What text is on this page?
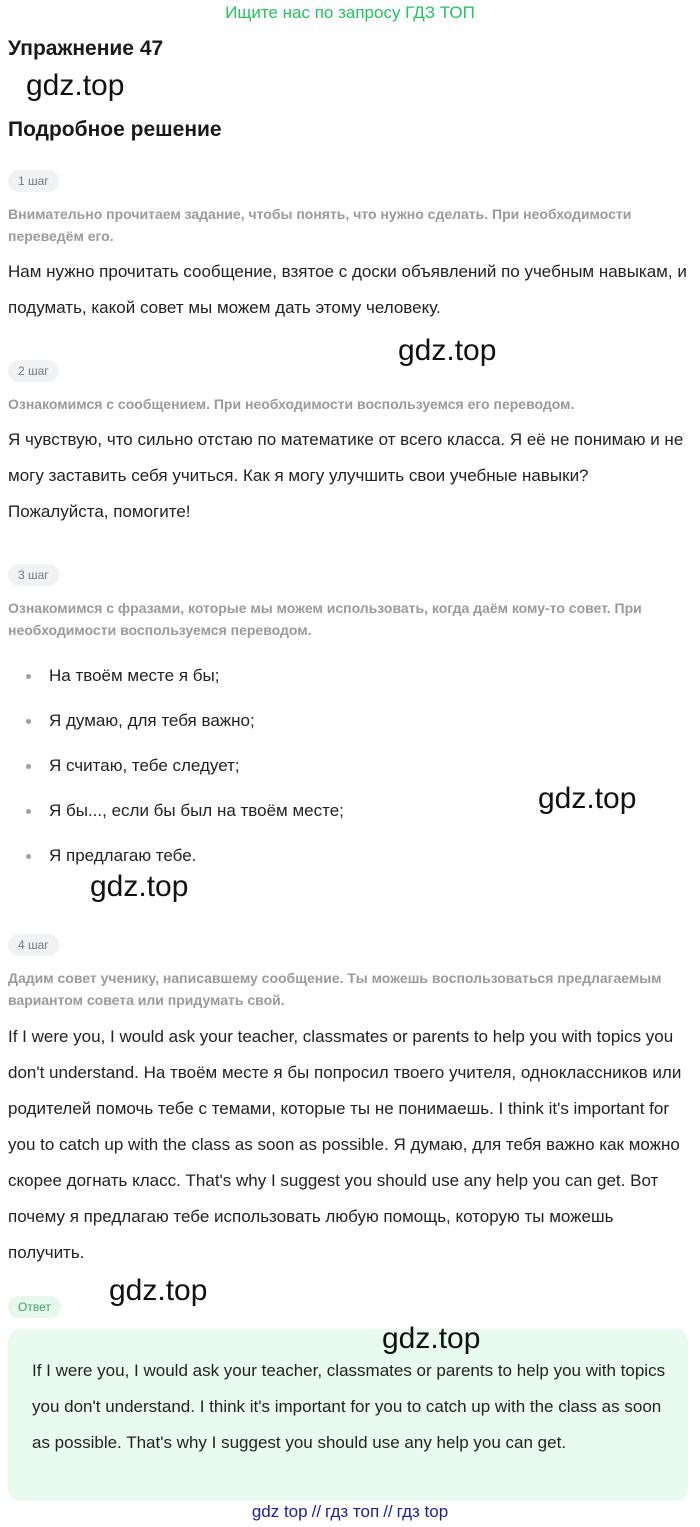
Ищите нас по запросу ГДЗ ТОП
Упражнение 47
gdz.top
Подробное решение
1 шаг
Внимательно прочитаем задание, чтобы понять, что нужно сделать. При необходимости переведём его.
Нам нужно прочитать сообщение, взятое с доски объявлений по учебным навыкам, и подумать, какой совет мы можем дать этому человеку.
gdz.top
2 шаг
Ознакомимся с сообщением. При необходимости воспользуемся его переводом.
Я чувствую, что сильно отстаю по математике от всего класса. Я её не понимаю и не могу заставить себя учиться. Как я могу улучшить свои учебные навыки? Пожалуйста, помогите!
3 шаг
Ознакомимся с фразами, которые мы можем использовать, когда даём кому-то совет. При необходимости воспользуемся переводом.
На твоём месте я бы;
Я думаю, для тебя важно;
Я считаю, тебе следует;
Я бы..., если бы был на твоём месте;
Я предлагаю тебе.
gdz.top
gdz.top
4 шаг
Дадим совет ученику, написавшему сообщение. Ты можешь воспользоваться предлагаемым вариантом совета или придумать свой.
If I were you, I would ask your teacher, classmates or parents to help you with topics you don't understand. На твоём месте я бы попросил твоего учителя, одноклассников или родителей помочь тебе с темами, которые ты не понимаешь. I think it's important for you to catch up with the class as soon as possible. Я думаю, для тебя важно как можно скорее догнать класс. That's why I suggest you should use any help you can get. Вот почему я предлагаю тебе использовать любую помощь, которую ты можешь получить.
Ответ	gdz.top
If I were you, I would ask your teacher, classmates or parents to help you with topics you don't understand. I think it's important for you to catch up with the class as soon as possible. That's why I suggest you should use any help you can get.
gdz.top
gdz top // гдз топ // гдз top
